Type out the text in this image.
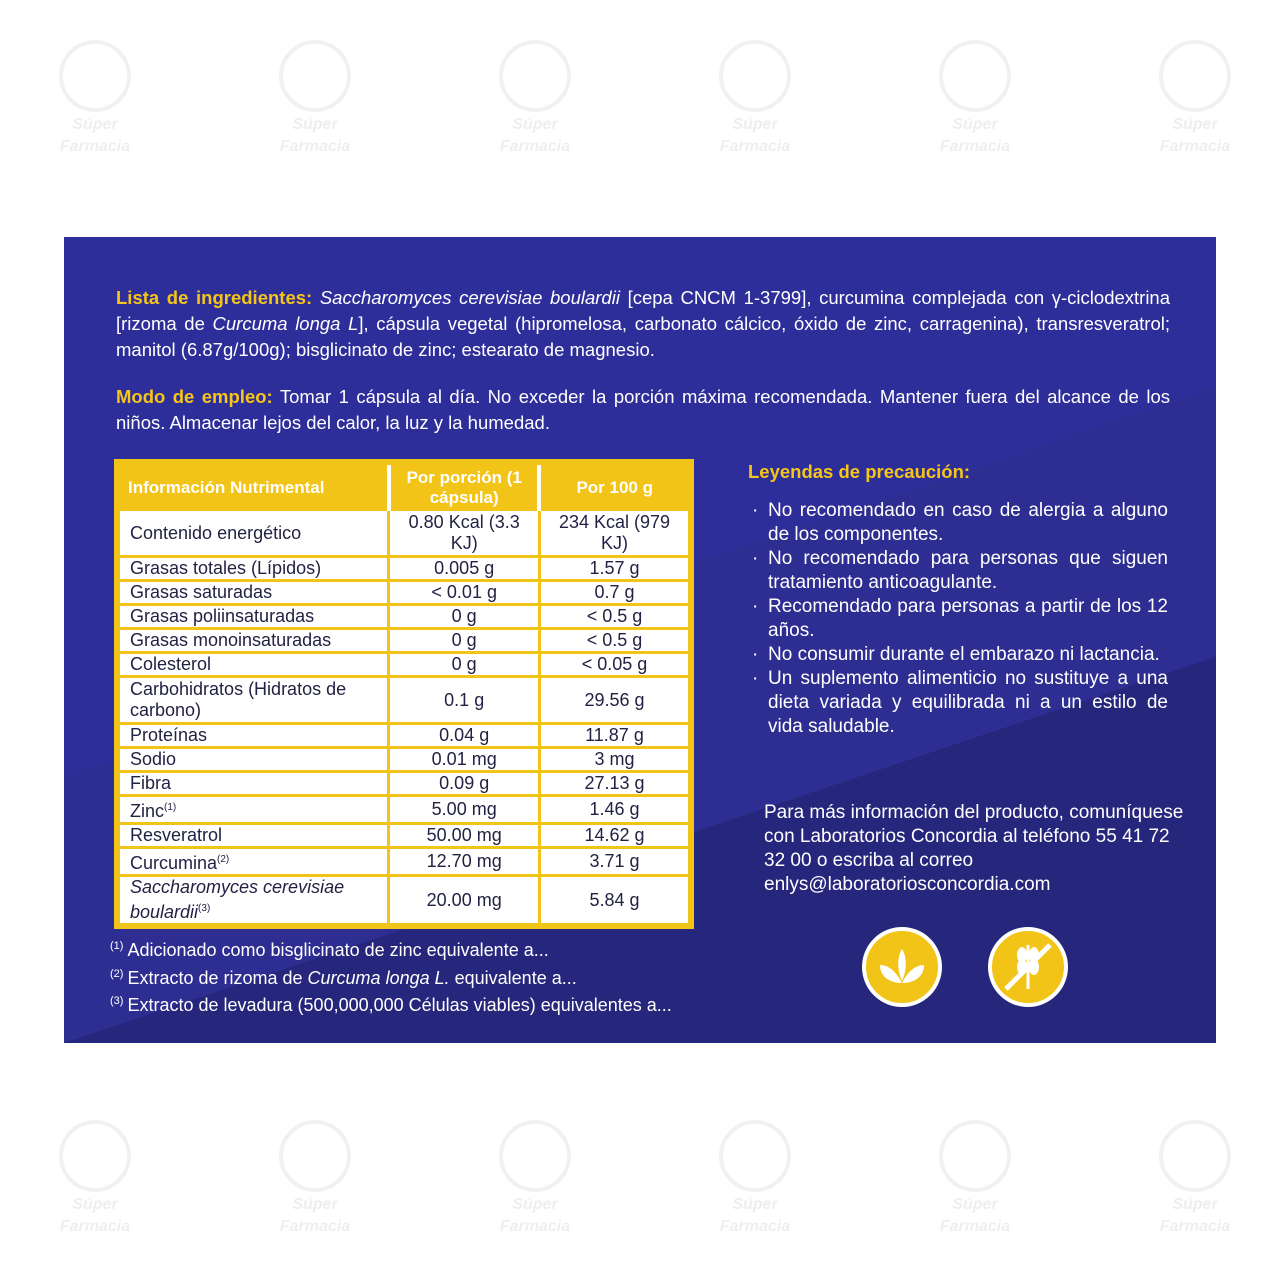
Súper
Farmacia
Súper
Farmacia
Súper
Farmacia
Súper
Farmacia
Súper
Farmacia
Súper
Farmacia
Súper
Farmacia
Súper
Farmacia
Súper
Farmacia
Súper
Farmacia
Súper
Farmacia
Súper
Farmacia
Lista de ingredientes: Saccharomyces cerevisiae boulardii [cepa CNCM 1-3799], curcumina complejada con γ-ciclodextrina [rizoma de Curcuma longa L], cápsula vegetal (hipromelosa, carbonato cálcico, óxido de zinc, carragenina), transresveratrol; manitol (6.87g/100g); bisglicinato de zinc; estearato de magnesio.
Modo de empleo: Tomar 1 cápsula al día. No exceder la porción máxima recomendada. Mantener fuera del alcance de los niños. Almacenar lejos del calor, la luz y la humedad.
Información Nutrimental	Por porción (1 cápsula)	Por 100 g
Contenido energético	0.80 Kcal (3.3 KJ)	234 Kcal (979 KJ)
Grasas totales (Lípidos)	0.005 g	1.57 g
Grasas saturadas	< 0.01 g	0.7 g
Grasas poliinsaturadas	0 g	< 0.5 g
Grasas monoinsaturadas	0 g	< 0.5 g
Colesterol	0 g	< 0.05 g
Carbohidratos (Hidratos de carbono)	0.1 g	29.56 g
Proteínas	0.04 g	11.87 g
Sodio	0.01 mg	3 mg
Fibra	0.09 g	27.13 g
Zinc$^{(1)}$	5.00 mg	1.46 g
Resveratrol	50.00 mg	14.62 g
Curcumina$^{(2)}$	12.70 mg	3.71 g
Saccharomyces cerevisiae boulardii$^{(3)}$	20.00 mg	5.84 g
Leyendas de precaución:
· No recomendado en caso de alergia a alguno de los componentes.
· No recomendado para personas que siguen tratamiento anticoagulante.
· Recomendado para personas a partir de los 12 años.
· No consumir durante el embarazo ni lactancia.
· Un suplemento alimenticio no sustituye a una dieta variada y equilibrada ni a un estilo de vida saludable.
Para más información del producto, comuníquese con Laboratorios Concordia al teléfono 55 41 72 32 00 o escriba al correo enlys@laboratoriosconcordia.com
$^{(1)}$ Adicionado como bisglicinato de zinc equivalente a...
$^{(2)}$ Extracto de rizoma de Curcuma longa L. equivalente a...
$^{(3)}$ Extracto de levadura (500,000,000 Células viables) equivalentes a...
